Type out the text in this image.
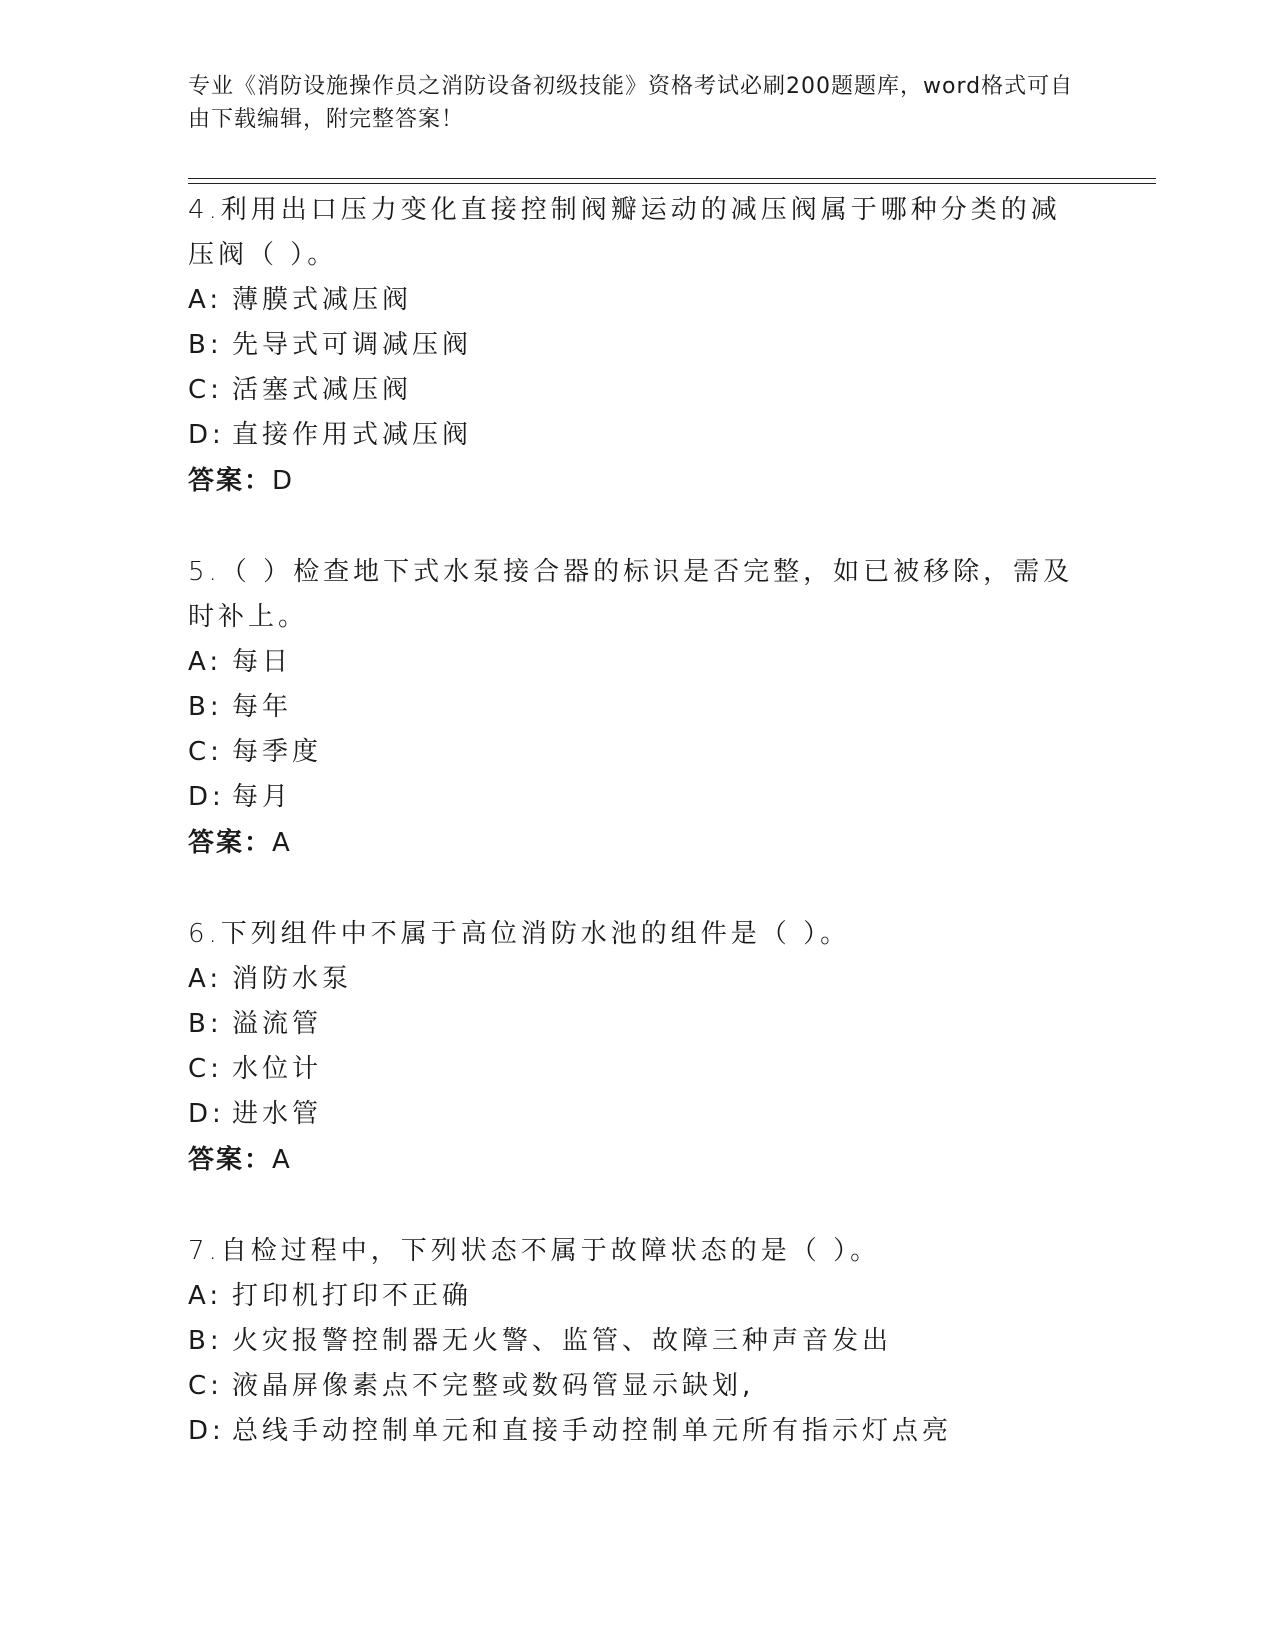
专业《消防设施操作员之消防设备初级技能》资格考试必刷200题题库，word格式可自由下载编辑，附完整答案！
4.利用出口压力变化直接控制阀瓣运动的减压阀属于哪种分类的减压阀（ ）。
A: 薄膜式减压阀
B: 先导式可调减压阀
C: 活塞式减压阀
D: 直接作用式减压阀
答案：D
5.（ ）检查地下式水泵接合器的标识是否完整，如已被移除，需及时补上。
A: 每日
B: 每年
C: 每季度
D: 每月
答案：A
6.下列组件中不属于高位消防水池的组件是（ ）。
A: 消防水泵
B: 溢流管
C: 水位计
D: 进水管
答案：A
7.自检过程中，下列状态不属于故障状态的是（ ）。
A: 打印机打印不正确
B: 火灾报警控制器无火警、监管、故障三种声音发出
C: 液晶屏像素点不完整或数码管显示缺划,
D: 总线手动控制单元和直接手动控制单元所有指示灯点亮
